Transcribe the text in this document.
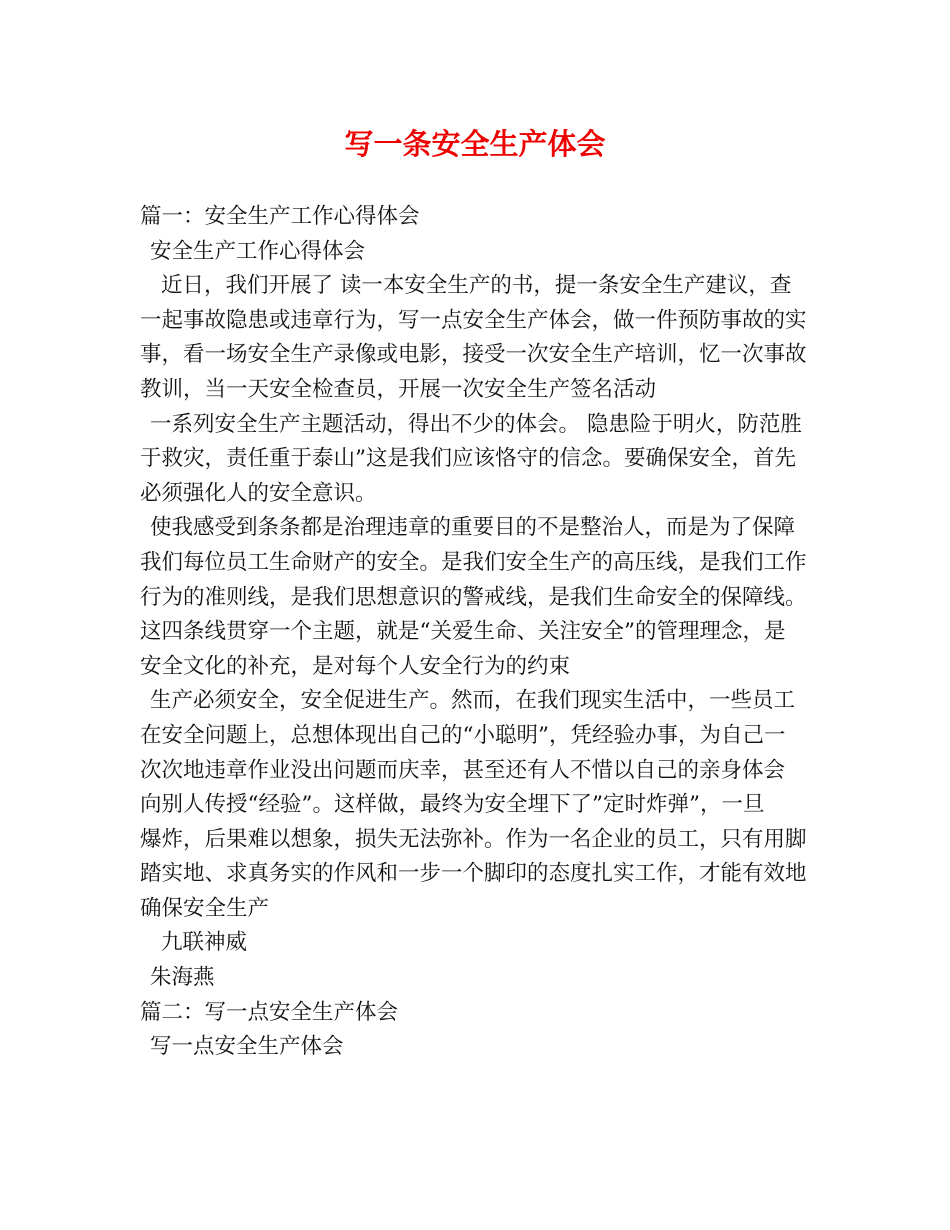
写一条安全生产体会

篇一：安全生产工作心得体会

安全生产工作心得体会

近日，我们开展了 读一本安全生产的书，提一条安全生产建议，查

一起事故隐患或违章行为，写一点安全生产体会，做一件预防事故的实

事，看一场安全生产录像或电影，接受一次安全生产培训，忆一次事故

教训，当一天安全检查员，开展一次安全生产签名活动

一系列安全生产主题活动，得出不少的体会。 隐患险于明火，防范胜

于救灾，责任重于泰山”这是我们应该恪守的信念。要确保安全，首先

必须强化人的安全意识。

使我感受到条条都是治理违章的重要目的不是整治人，而是为了保障

我们每位员工生命财产的安全。是我们安全生产的高压线，是我们工作

行为的准则线，是我们思想意识的警戒线，是我们生命安全的保障线。

这四条线贯穿一个主题，就是“关爱生命、关注安全”的管理理念，是

安全文化的补充，是对每个人安全行为的约束

生产必须安全，安全促进生产。然而，在我们现实生活中，一些员工

在安全问题上，总想体现出自己的“小聪明”，凭经验办事，为自己一

次次地违章作业没出问题而庆幸，甚至还有人不惜以自己的亲身体会

向别人传授“经验”。这样做，最终为安全埋下了”定时炸弹”，一旦

爆炸，后果难以想象，损失无法弥补。作为一名企业的员工，只有用脚

踏实地、求真务实的作风和一步一个脚印的态度扎实工作，才能有效地

确保安全生产

九联神威

朱海燕

篇二：写一点安全生产体会

写一点安全生产体会
